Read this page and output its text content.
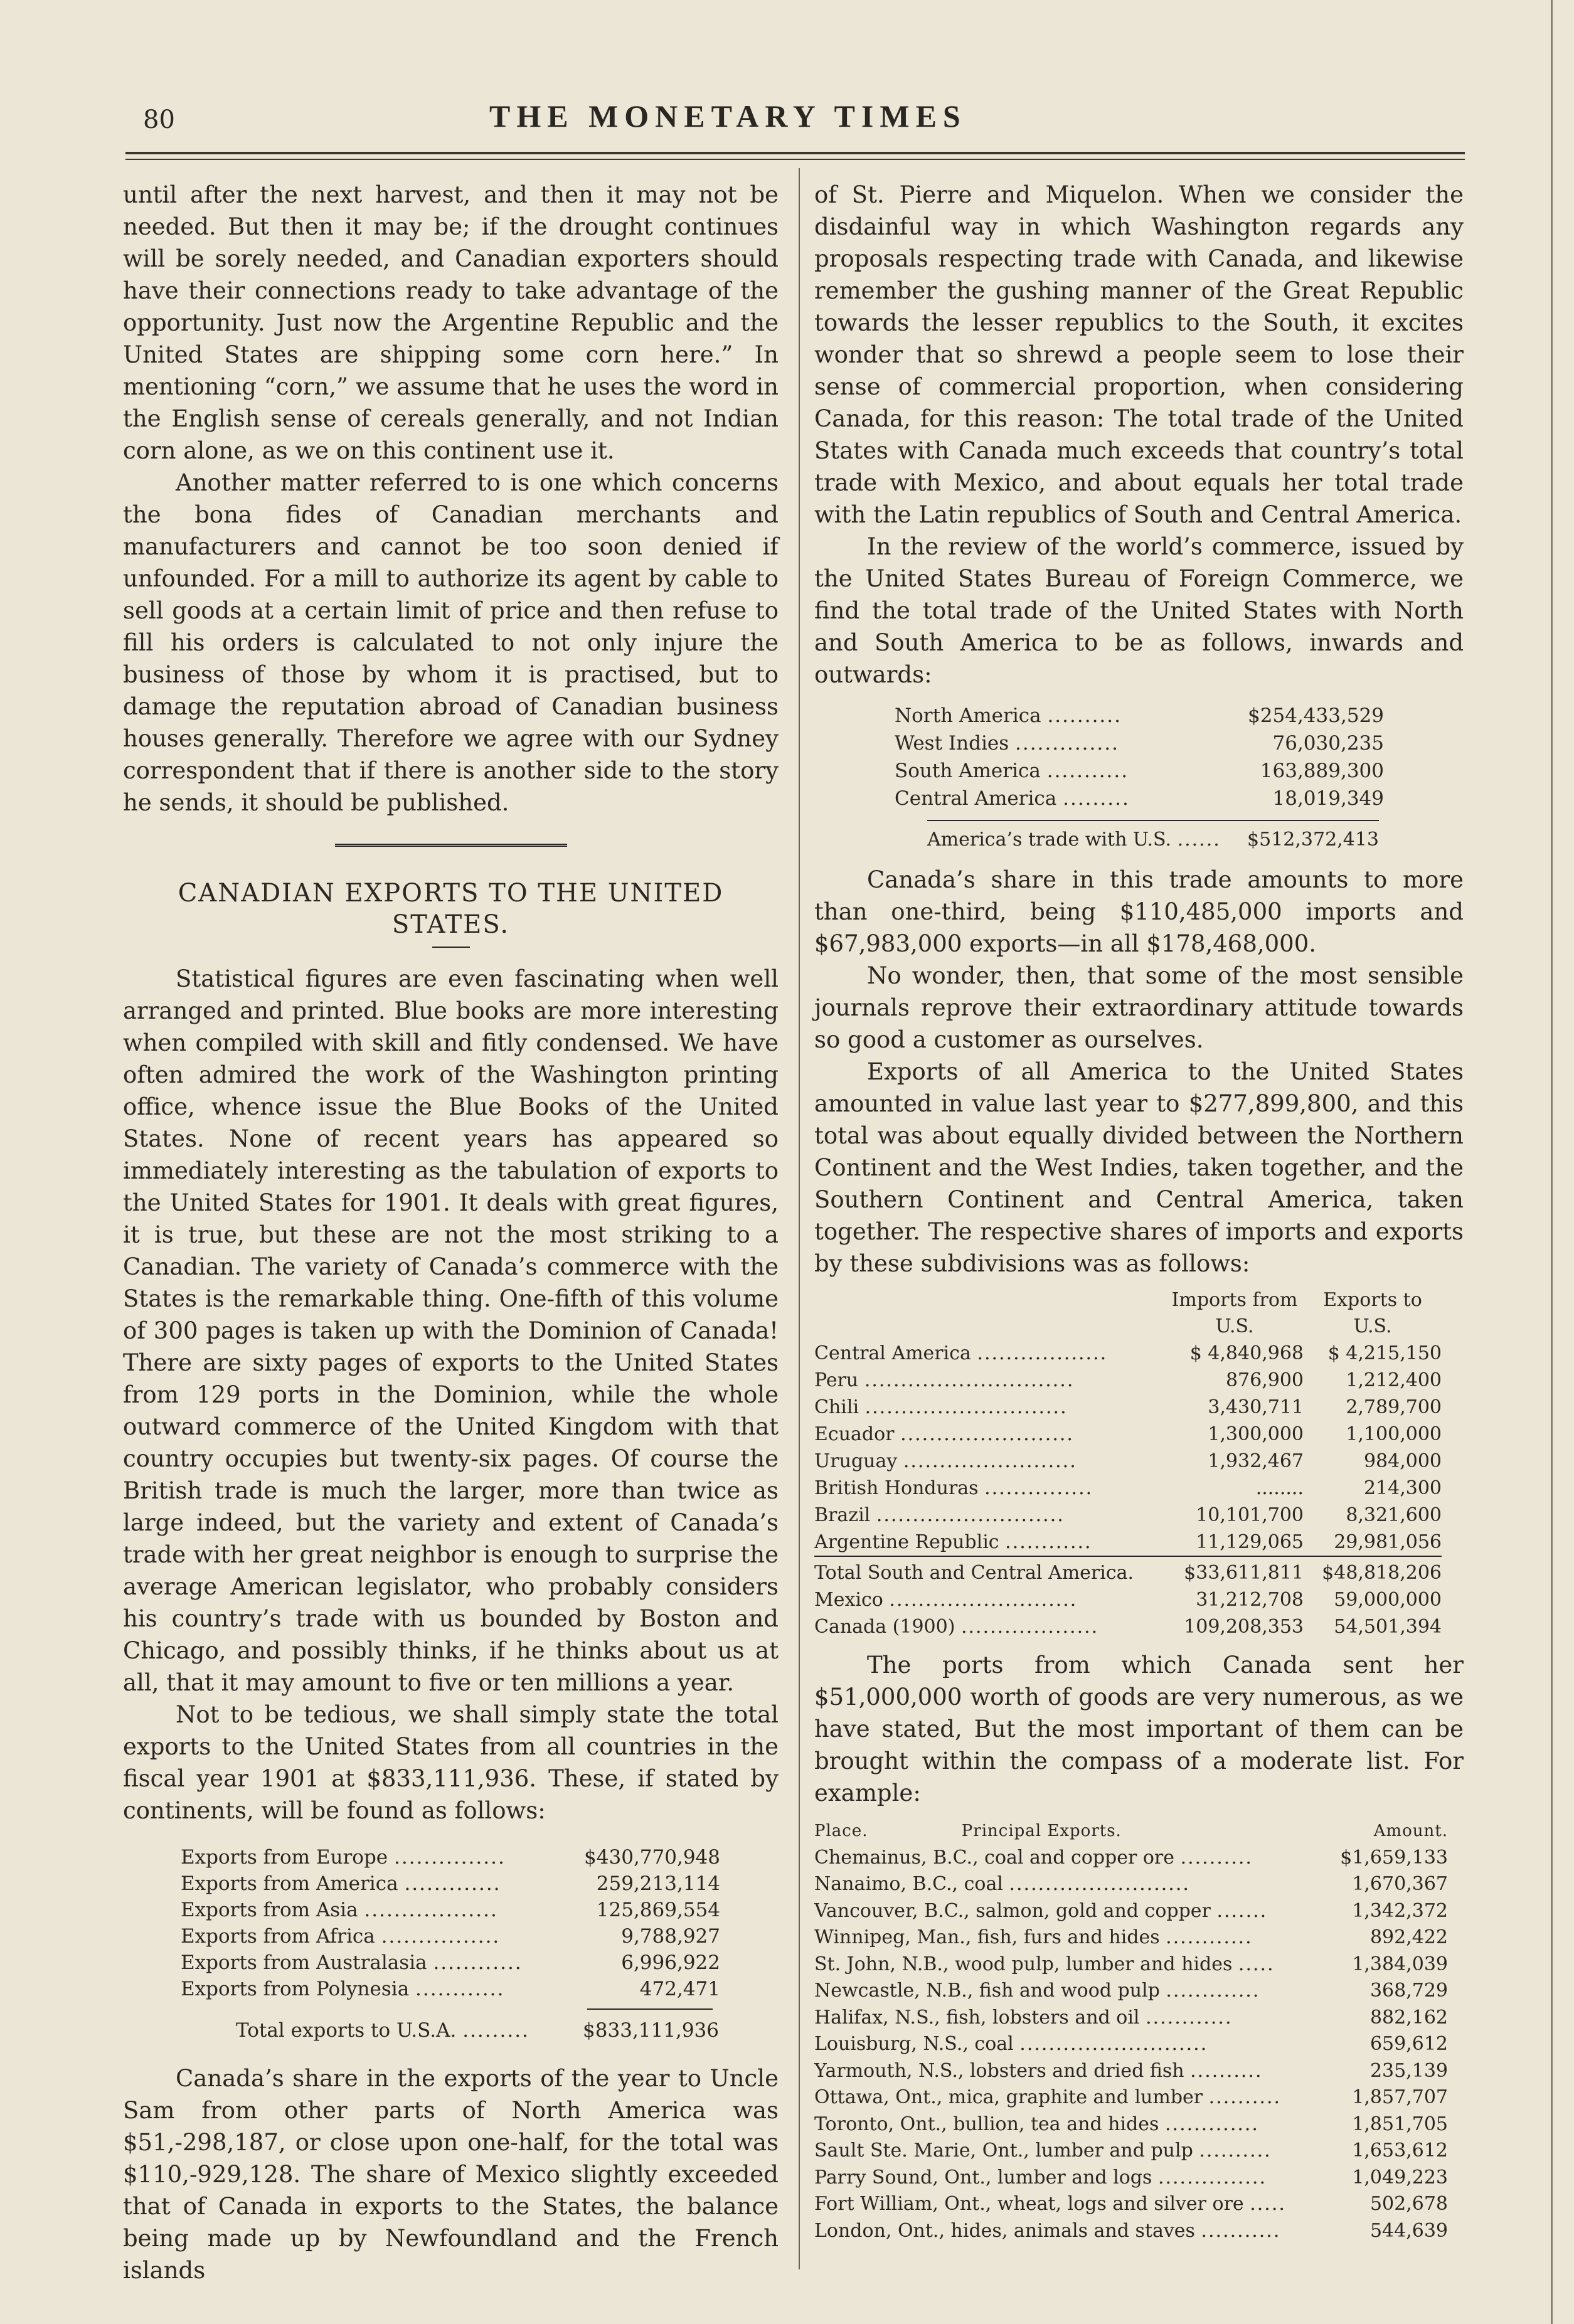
80	THE MONETARY TIMES

until after the next harvest, and then it may not be needed. But then it may be; if the drought continues will be sorely needed, and Canadian exporters should have their connections ready to take advantage of the opportunity. Just now the Argentine Republic and the United States are shipping some corn here.” In mentioning “corn,” we assume that he uses the word in the English sense of cereals generally, and not Indian corn alone, as we on this continent use it.

Another matter referred to is one which concerns the bona fides of Canadian merchants and manufacturers and cannot be too soon denied if unfounded. For a mill to authorize its agent by cable to sell goods at a certain limit of price and then refuse to fill his orders is calculated to not only injure the business of those by whom it is practised, but to damage the reputation abroad of Canadian business houses generally. Therefore we agree with our Sydney correspondent that if there is another side to the story he sends, it should be published.

CANADIAN EXPORTS TO THE UNITED STATES.

Statistical figures are even fascinating when well arranged and printed. Blue books are more interesting when compiled with skill and fitly condensed. We have often admired the work of the Washington printing office, whence issue the Blue Books of the United States. None of recent years has appeared so immediately interesting as the tabulation of exports to the United States for 1901. It deals with great figures, it is true, but these are not the most striking to a Canadian. The variety of Canada’s commerce with the States is the remarkable thing. One-fifth of this volume of 300 pages is taken up with the Dominion of Canada! There are sixty pages of exports to the United States from 129 ports in the Dominion, while the whole outward commerce of the United Kingdom with that country occupies but twenty-six pages. Of course the British trade is much the larger, more than twice as large indeed, but the variety and extent of Canada’s trade with her great neighbor is enough to surprise the average American legislator, who probably considers his country’s trade with us bounded by Boston and Chicago, and possibly thinks, if he thinks about us at all, that it may amount to five or ten millions a year.

Not to be tedious, we shall simply state the total exports to the United States from all countries in the fiscal year 1901 at $833,111,936. These, if stated by continents, will be found as follows:

Exports from Europe ...............	$430,770,948
Exports from America .............	259,213,114
Exports from Asia ..................	125,869,554
Exports from Africa ................	9,788,927
Exports from Australasia ............	6,996,922
Exports from Polynesia ............	472,471
Total exports to U.S.A. .........	$833,111,936

Canada’s share in the exports of the year to Uncle Sam from other parts of North America was $51,-298,187, or close upon one-half, for the total was $110,-929,128. The share of Mexico slightly exceeded that of Canada in exports to the States, the balance being made up by Newfoundland and the French islands

of St. Pierre and Miquelon. When we consider the disdainful way in which Washington regards any proposals respecting trade with Canada, and likewise remember the gushing manner of the Great Republic towards the lesser republics to the South, it excites wonder that so shrewd a people seem to lose their sense of commercial proportion, when considering Canada, for this reason: The total trade of the United States with Canada much exceeds that country’s total trade with Mexico, and about equals her total trade with the Latin republics of South and Central America.

In the review of the world’s commerce, issued by the United States Bureau of Foreign Commerce, we find the total trade of the United States with North and South America to be as follows, inwards and outwards:

North America ..........	$254,433,529
West Indies ..............	76,030,235
South America ...........	163,889,300
Central America .........	18,019,349
America’s trade with U.S. ...... $512,372,413

Canada’s share in this trade amounts to more than one-third, being $110,485,000 imports and $67,983,000 exports—in all $178,468,000.

No wonder, then, that some of the most sensible journals reprove their extraordinary attitude towards so good a customer as ourselves.

Exports of all America to the United States amounted in value last year to $277,899,800, and this total was about equally divided between the Northern Continent and the West Indies, taken together, and the Southern Continent and Central America, taken together. The respective shares of imports and exports by these subdivisions was as follows:

	Imports from U.S.	Exports to U.S.
Central America ..................	$ 4,840,968	$ 4,215,150
Peru .............................	876,900	1,212,400
Chili ............................	3,430,711	2,789,700
Ecuador ........................	1,300,000	1,100,000
Uruguay ........................	1,932,467	984,000
British Honduras ...............	........	214,300
Brazil ..........................	10,101,700	8,321,600
Argentine Republic ............	11,129,065	29,981,056
Total South and Central America.	$33,611,811	$48,818,206
Mexico ..........................	31,212,708	59,000,000
Canada (1900) ...................	109,208,353	54,501,394

The ports from which Canada sent her $51,000,000 worth of goods are very numerous, as we have stated, But the most important of them can be brought within the compass of a moderate list. For example:

Place. Principal Exports.	Amount.
Chemainus, B.C., coal and copper ore ..........	$1,659,133
Nanaimo, B.C., coal .........................	1,670,367
Vancouver, B.C., salmon, gold and copper .......	1,342,372
Winnipeg, Man., fish, furs and hides ............	892,422
St. John, N.B., wood pulp, lumber and hides .....	1,384,039
Newcastle, N.B., fish and wood pulp .............	368,729
Halifax, N.S., fish, lobsters and oil ............	882,162
Louisburg, N.S., coal ..........................	659,612
Yarmouth, N.S., lobsters and dried fish ..........	235,139
Ottawa, Ont., mica, graphite and lumber ..........	1,857,707
Toronto, Ont., bullion, tea and hides .............	1,851,705
Sault Ste. Marie, Ont., lumber and pulp ..........	1,653,612
Parry Sound, Ont., lumber and logs ...............	1,049,223
Fort William, Ont., wheat, logs and silver ore .....	502,678
London, Ont., hides, animals and staves ...........	544,639
